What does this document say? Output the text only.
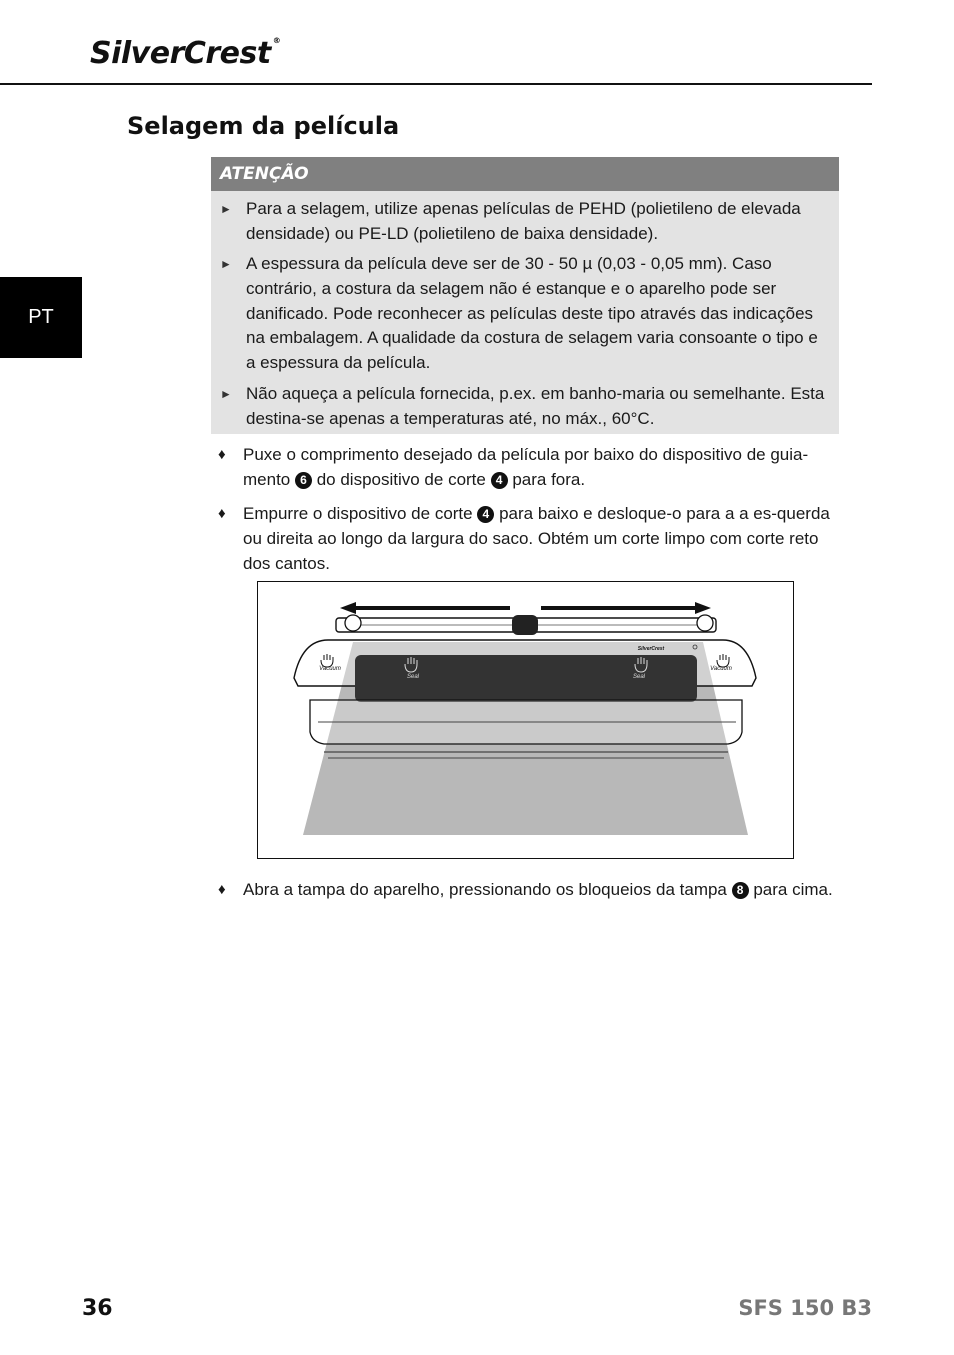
SilverCrest ®
PT
Selagem da película
ATENÇÃO
► Para a selagem, utilize apenas películas de PEHD (polietileno de elevada densidade) ou PE-LD (polietileno de baixa densidade).
► A espessura da película deve ser de 30 - 50 µ (0,03 - 0,05 mm). Caso contrário, a costura da selagem não é estanque e o aparelho pode ser danificado. Pode reconhecer as películas deste tipo através das indicações na embalagem. A qualidade da costura de selagem varia consoante o tipo e a espessura da película.
► Não aqueça a película fornecida, p.ex. em banho-maria ou semelhante. Esta destina-se apenas a temperaturas até, no máx., 60°C.
♦ Puxe o comprimento desejado da película por baixo do dispositivo de guia-mento 6 do dispositivo de corte 4 para fora.
♦ Empurre o dispositivo de corte 4 para baixo e desloque-o para a a es-querda ou direita ao longo da largura do saco. Obtém um corte limpo com corte reto dos cantos.
Seal	Seal
Vacuum	Vacuum
SilverCrest
♦ Abra a tampa do aparelho, pressionando os bloqueios da tampa 8 para cima.
36	SFS 150 B3
